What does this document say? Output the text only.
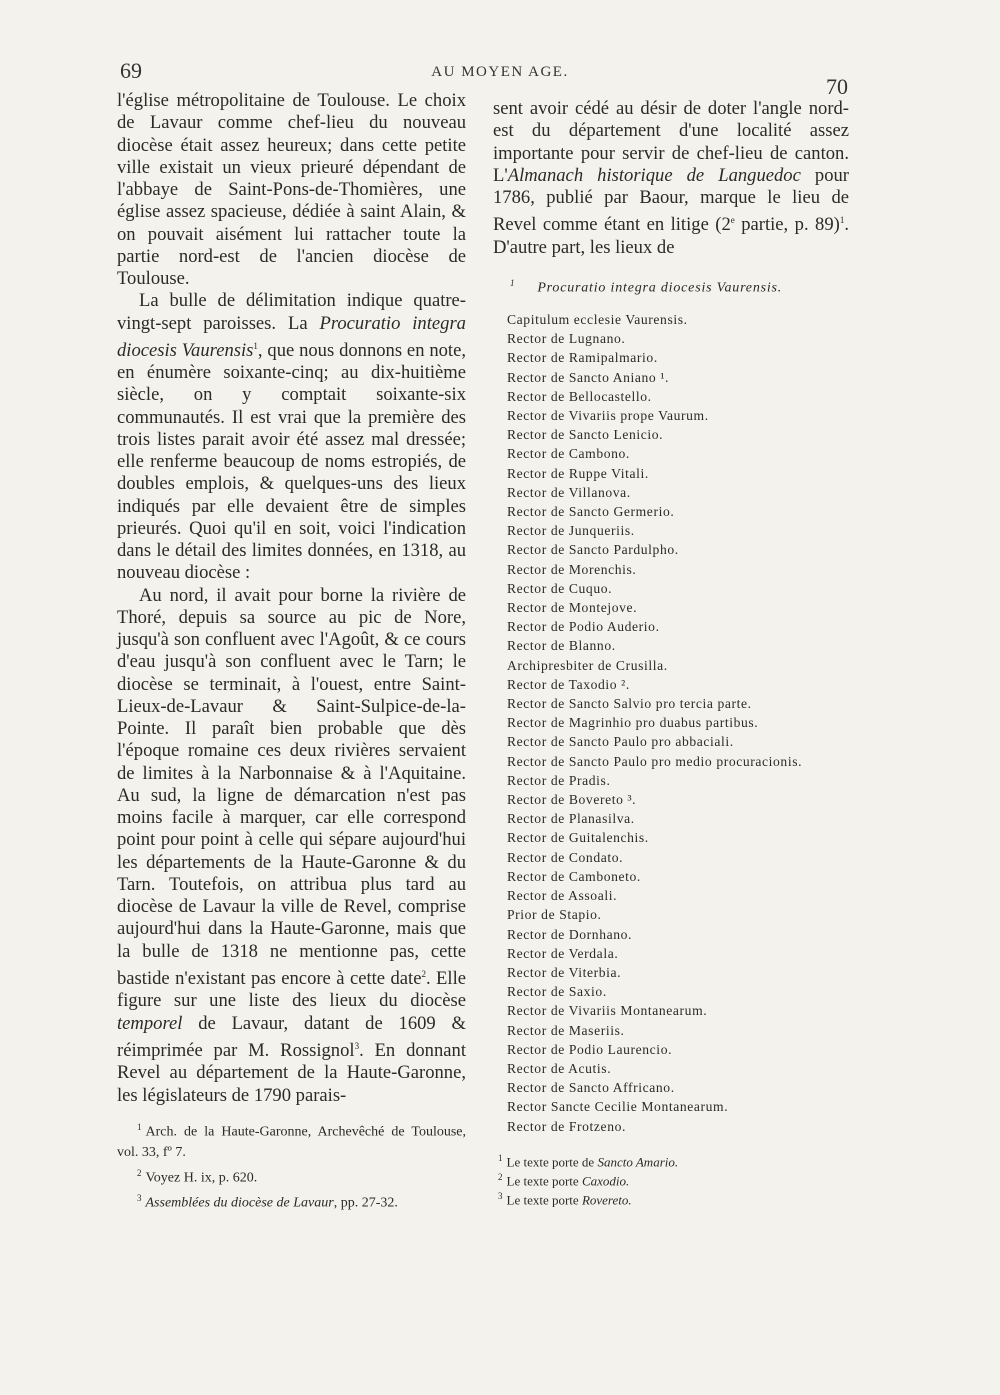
69	AU MOYEN AGE.
70

l'église métropolitaine de Toulouse. Le choix de Lavaur comme chef-lieu du nouveau diocèse était assez heureux; dans cette petite ville existait un vieux prieuré dépendant de l'abbaye de Saint-Pons-de-Thomières, une église assez spacieuse, dédiée à saint Alain, & on pouvait aisément lui rattacher toute la partie nord-est de l'ancien diocèse de Toulouse.

La bulle de délimitation indique quatre-vingt-sept paroisses. La Procuratio integra diocesis Vaurensis$^1$, que nous donnons en note, en énumère soixante-cinq; au dix-huitième siècle, on y comptait soixante-six communautés. Il est vrai que la première des trois listes parait avoir été assez mal dressée; elle renferme beaucoup de noms estropiés, de doubles emplois, & quelques-uns des lieux indiqués par elle devaient être de simples prieurés. Quoi qu'il en soit, voici l'indication dans le détail des limites données, en 1318, au nouveau diocèse :

Au nord, il avait pour borne la rivière de Thoré, depuis sa source au pic de Nore, jusqu'à son confluent avec l'Agoût, & ce cours d'eau jusqu'à son confluent avec le Tarn; le diocèse se terminait, à l'ouest, entre Saint-Lieux-de-Lavaur & Saint-Sulpice-de-la-Pointe. Il paraît bien probable que dès l'époque romaine ces deux rivières servaient de limites à la Narbonnaise & à l'Aquitaine. Au sud, la ligne de démarcation n'est pas moins facile à marquer, car elle correspond point pour point à celle qui sépare aujourd'hui les départements de la Haute-Garonne & du Tarn. Toutefois, on attribua plus tard au diocèse de Lavaur la ville de Revel, comprise aujourd'hui dans la Haute-Garonne, mais que la bulle de 1318 ne mentionne pas, cette bastide n'existant pas encore à cette date$^2$. Elle figure sur une liste des lieux du diocèse temporel de Lavaur, datant de 1609 & réimprimée par M. Rossignol$^3$. En donnant Revel au département de la Haute-Garonne, les législateurs de 1790 parais-

$^1$ Arch. de la Haute-Garonne, Archevêché de Toulouse, vol. 33, fº 7.

$^2$ Voyez H. ix, p. 620.

$^3$ Assemblées du diocèse de Lavaur, pp. 27-32.

sent avoir cédé au désir de doter l'angle nord-est du département d'une localité assez importante pour servir de chef-lieu de canton. L'Almanach historique de Languedoc pour 1786, publié par Baour, marque le lieu de Revel comme étant en litige (2e partie, p. 89)$^1$. D'autre part, les lieux de

$^1$ Procuratio integra diocesis Vaurensis.
Capitulum ecclesie Vaurensis.
Rector de Lugnano.
Rector de Ramipalmario.
Rector de Sancto Aniano ¹.
Rector de Bellocastello.
Rector de Vivariis prope Vaurum.
Rector de Sancto Lenicio.
Rector de Cambono.
Rector de Ruppe Vitali.
Rector de Villanova.
Rector de Sancto Germerio.
Rector de Junqueriis.
Rector de Sancto Pardulpho.
Rector de Morenchis.
Rector de Cuquo.
Rector de Montejove.
Rector de Podio Auderio.
Rector de Blanno.
Archipresbiter de Crusilla.
Rector de Taxodio ².
Rector de Sancto Salvio pro tercia parte.
Rector de Magrinhio pro duabus partibus.
Rector de Sancto Paulo pro abbaciali.
Rector de Sancto Paulo pro medio procuracionis.
Rector de Pradis.
Rector de Bovereto ³.
Rector de Planasilva.
Rector de Guitalenchis.
Rector de Condato.
Rector de Camboneto.
Rector de Assoali.
Prior de Stapio.
Rector de Dornhano.
Rector de Verdala.
Rector de Viterbia.
Rector de Saxio.
Rector de Vivariis Montanearum.
Rector de Maseriis.
Rector de Podio Laurencio.
Rector de Acutis.
Rector de Sancto Affricano.
Rector Sancte Cecilie Montanearum.
Rector de Frotzeno.

$^1$ Le texte porte de Sancto Amario.

$^2$ Le texte porte Caxodio.

$^3$ Le texte porte Rovereto.
